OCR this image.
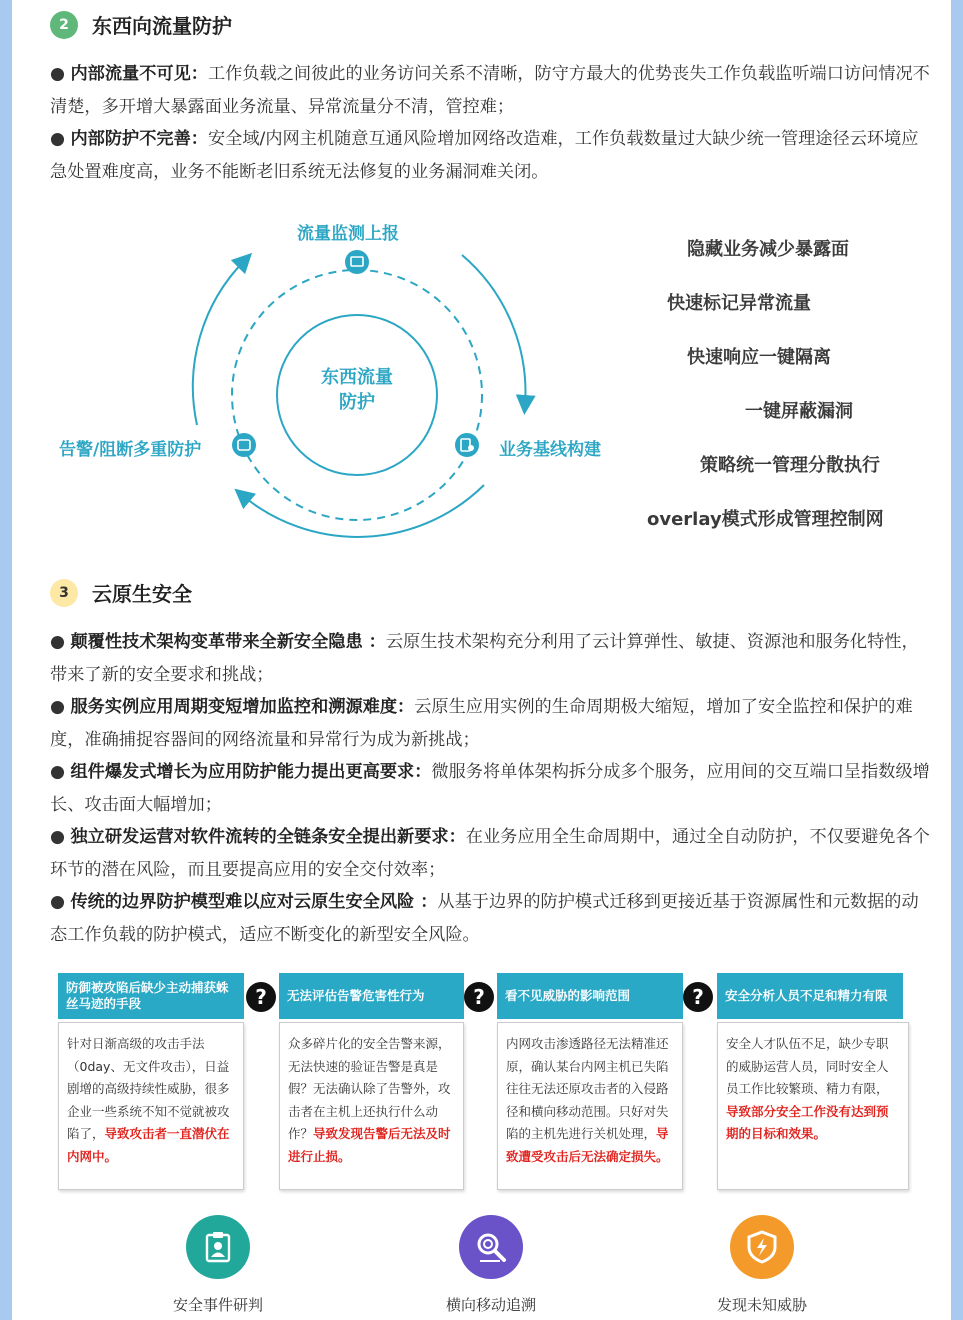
2	东西向流量防护
● 内部流量不可见：工作负载之间彼此的业务访问关系不清晰，防守方最大的优势丧失工作负载监听端口访问情况不清楚，多开增大暴露面业务流量、异常流量分不清，管控难；
● 内部防护不完善：安全域/内网主机随意互通风险增加网络改造难，工作负载数量过大缺少统一管理途径云环境应急处置难度高，业务不能断老旧系统无法修复的业务漏洞难关闭。
流量监测上报
告警/阻断多重防护	业务基线构建
东西流量
防护
隐藏业务减少暴露面
快速标记异常流量
快速响应一键隔离
一键屏蔽漏洞
策略统一管理分散执行
overlay模式形成管理控制网
3	云原生安全
● 颠覆性技术架构变革带来全新安全隐患 ：云原生技术架构充分利用了云计算弹性、敏捷、资源池和服务化特性，带来了新的安全要求和挑战；
● 服务实例应用周期变短增加监控和溯源难度：云原生应用实例的生命周期极大缩短，增加了安全监控和保护的难度，准确捕捉容器间的网络流量和异常行为成为新挑战；
● 组件爆发式增长为应用防护能力提出更高要求：微服务将单体架构拆分成多个服务，应用间的交互端口呈指数级增长、攻击面大幅增加；
● 独立研发运营对软件流转的全链条安全提出新要求：在业务应用全生命周期中，通过全自动防护，不仅要避免各个环节的潜在风险，而且要提高应用的安全交付效率；
● 传统的边界防护模型难以应对云原生安全风险 ：从基于边界的防护模式迁移到更接近基于资源属性和元数据的动态工作负载的防护模式，适应不断变化的新型安全风险。
防御被攻陷后缺少主动捕获蛛丝马迹的手段	?
针对日渐高级的攻击手法（0day、无文件攻击），日益剧增的高级持续性威胁，很多企业一些系统不知不觉就被攻陷了，导致攻击者一直潜伏在内网中。
无法评估告警危害性行为	?
众多碎片化的安全告警来源，无法快速的验证告警是真是假？无法确认除了告警外，攻击者在主机上还执行什么动作？导致发现告警后无法及时进行止损。
看不见威胁的影响范围	?
内网攻击渗透路径无法精准还原，确认某台内网主机已失陷往往无法还原攻击者的入侵路径和横向移动范围。只好对失陷的主机先进行关机处理，导致遭受攻击后无法确定损失。
安全分析人员不足和精力有限
安全人才队伍不足，缺少专职的威胁运营人员，同时安全人员工作比较繁琐、精力有限，导致部分安全工作没有达到预期的目标和效果。
安全事件研判	横向移动追溯	发现未知威胁
